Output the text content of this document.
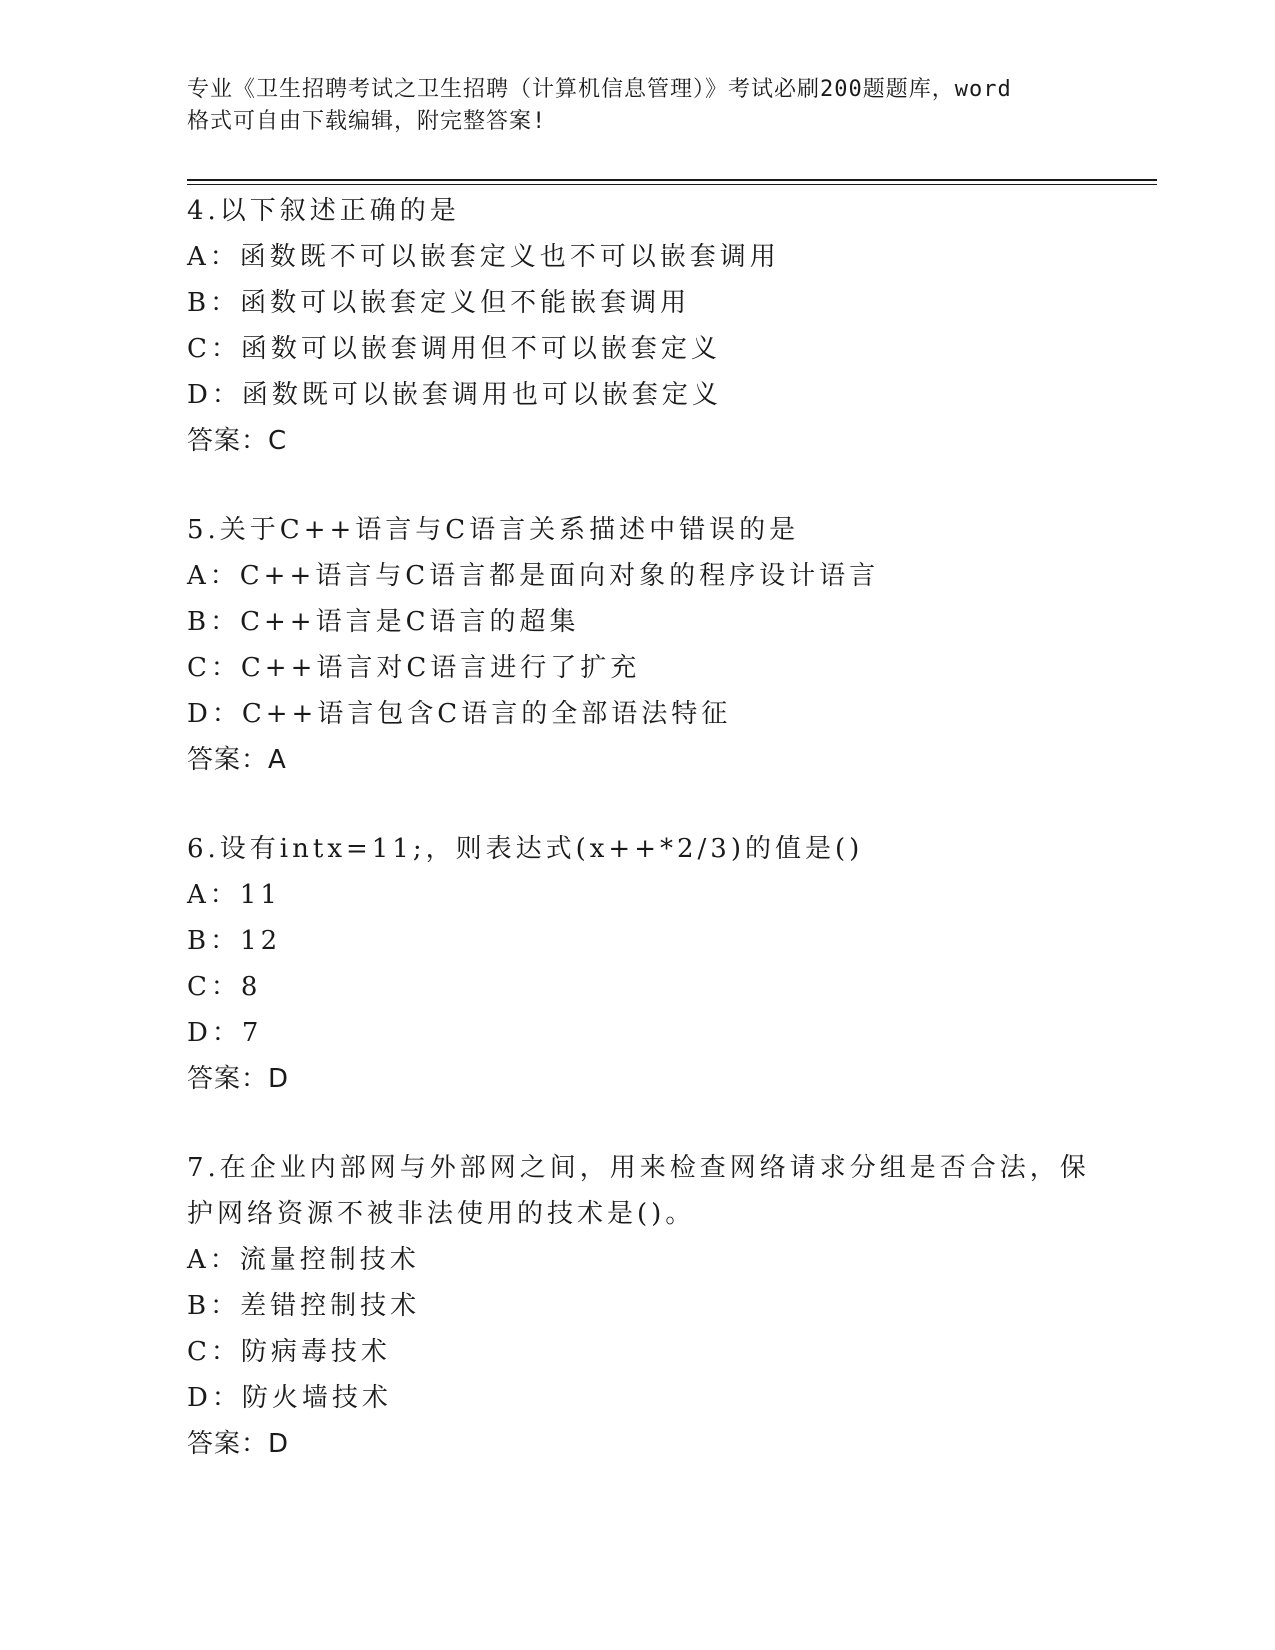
专业《卫生招聘考试之卫生招聘（计算机信息管理）》考试必刷200题题库，word
格式可自由下载编辑，附完整答案!
4.以下叙述正确的是
A：函数既不可以嵌套定义也不可以嵌套调用
B：函数可以嵌套定义但不能嵌套调用
C：函数可以嵌套调用但不可以嵌套定义
D：函数既可以嵌套调用也可以嵌套定义
答案：C
5.关于C++语言与C语言关系描述中错误的是
A：C++语言与C语言都是面向对象的程序设计语言
B：C++语言是C语言的超集
C：C++语言对C语言进行了扩充
D：C++语言包含C语言的全部语法特征
答案：A
6.设有intx=11;，则表达式(x++*2/3)的值是()
A：11
B：12
C：8
D：7
答案：D
7.在企业内部网与外部网之间，用来检查网络请求分组是否合法，保
护网络资源不被非法使用的技术是()。
A：流量控制技术
B：差错控制技术
C：防病毒技术
D：防火墙技术
答案：D
